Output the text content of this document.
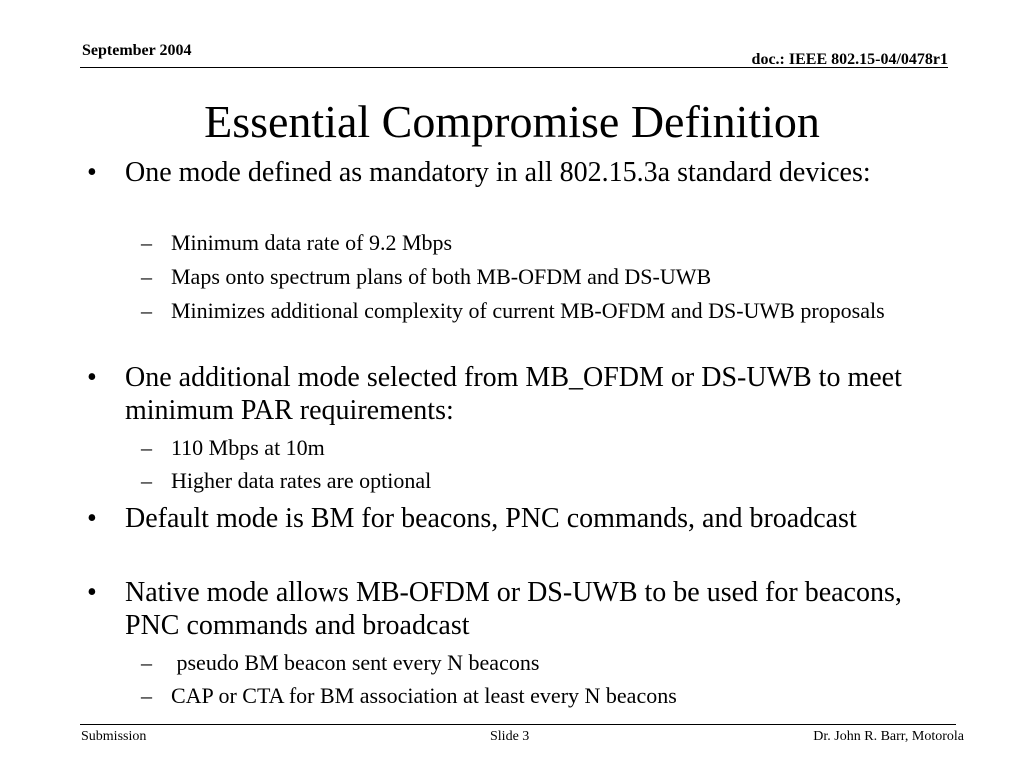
September 2004
doc.: IEEE 802.15-04/0478r1
Essential Compromise Definition
• One mode defined as mandatory in all 802.15.3a standard devices:
– Minimum data rate of 9.2 Mbps
– Maps onto spectrum plans of both MB-OFDM and DS-UWB
– Minimizes additional complexity of current MB-OFDM and DS-UWB proposals
• One additional mode selected from MB_OFDM or DS-UWB to meet minimum PAR requirements:
– 110 Mbps at 10m
– Higher data rates are optional
• Default mode is BM for beacons, PNC commands, and broadcast
• Native mode allows MB-OFDM or DS-UWB to be used for beacons, PNC commands and broadcast
– pseudo BM beacon sent every N beacons
– CAP or CTA for BM association at least every N beacons
Submission	Slide 3	Dr. John R. Barr, Motorola
